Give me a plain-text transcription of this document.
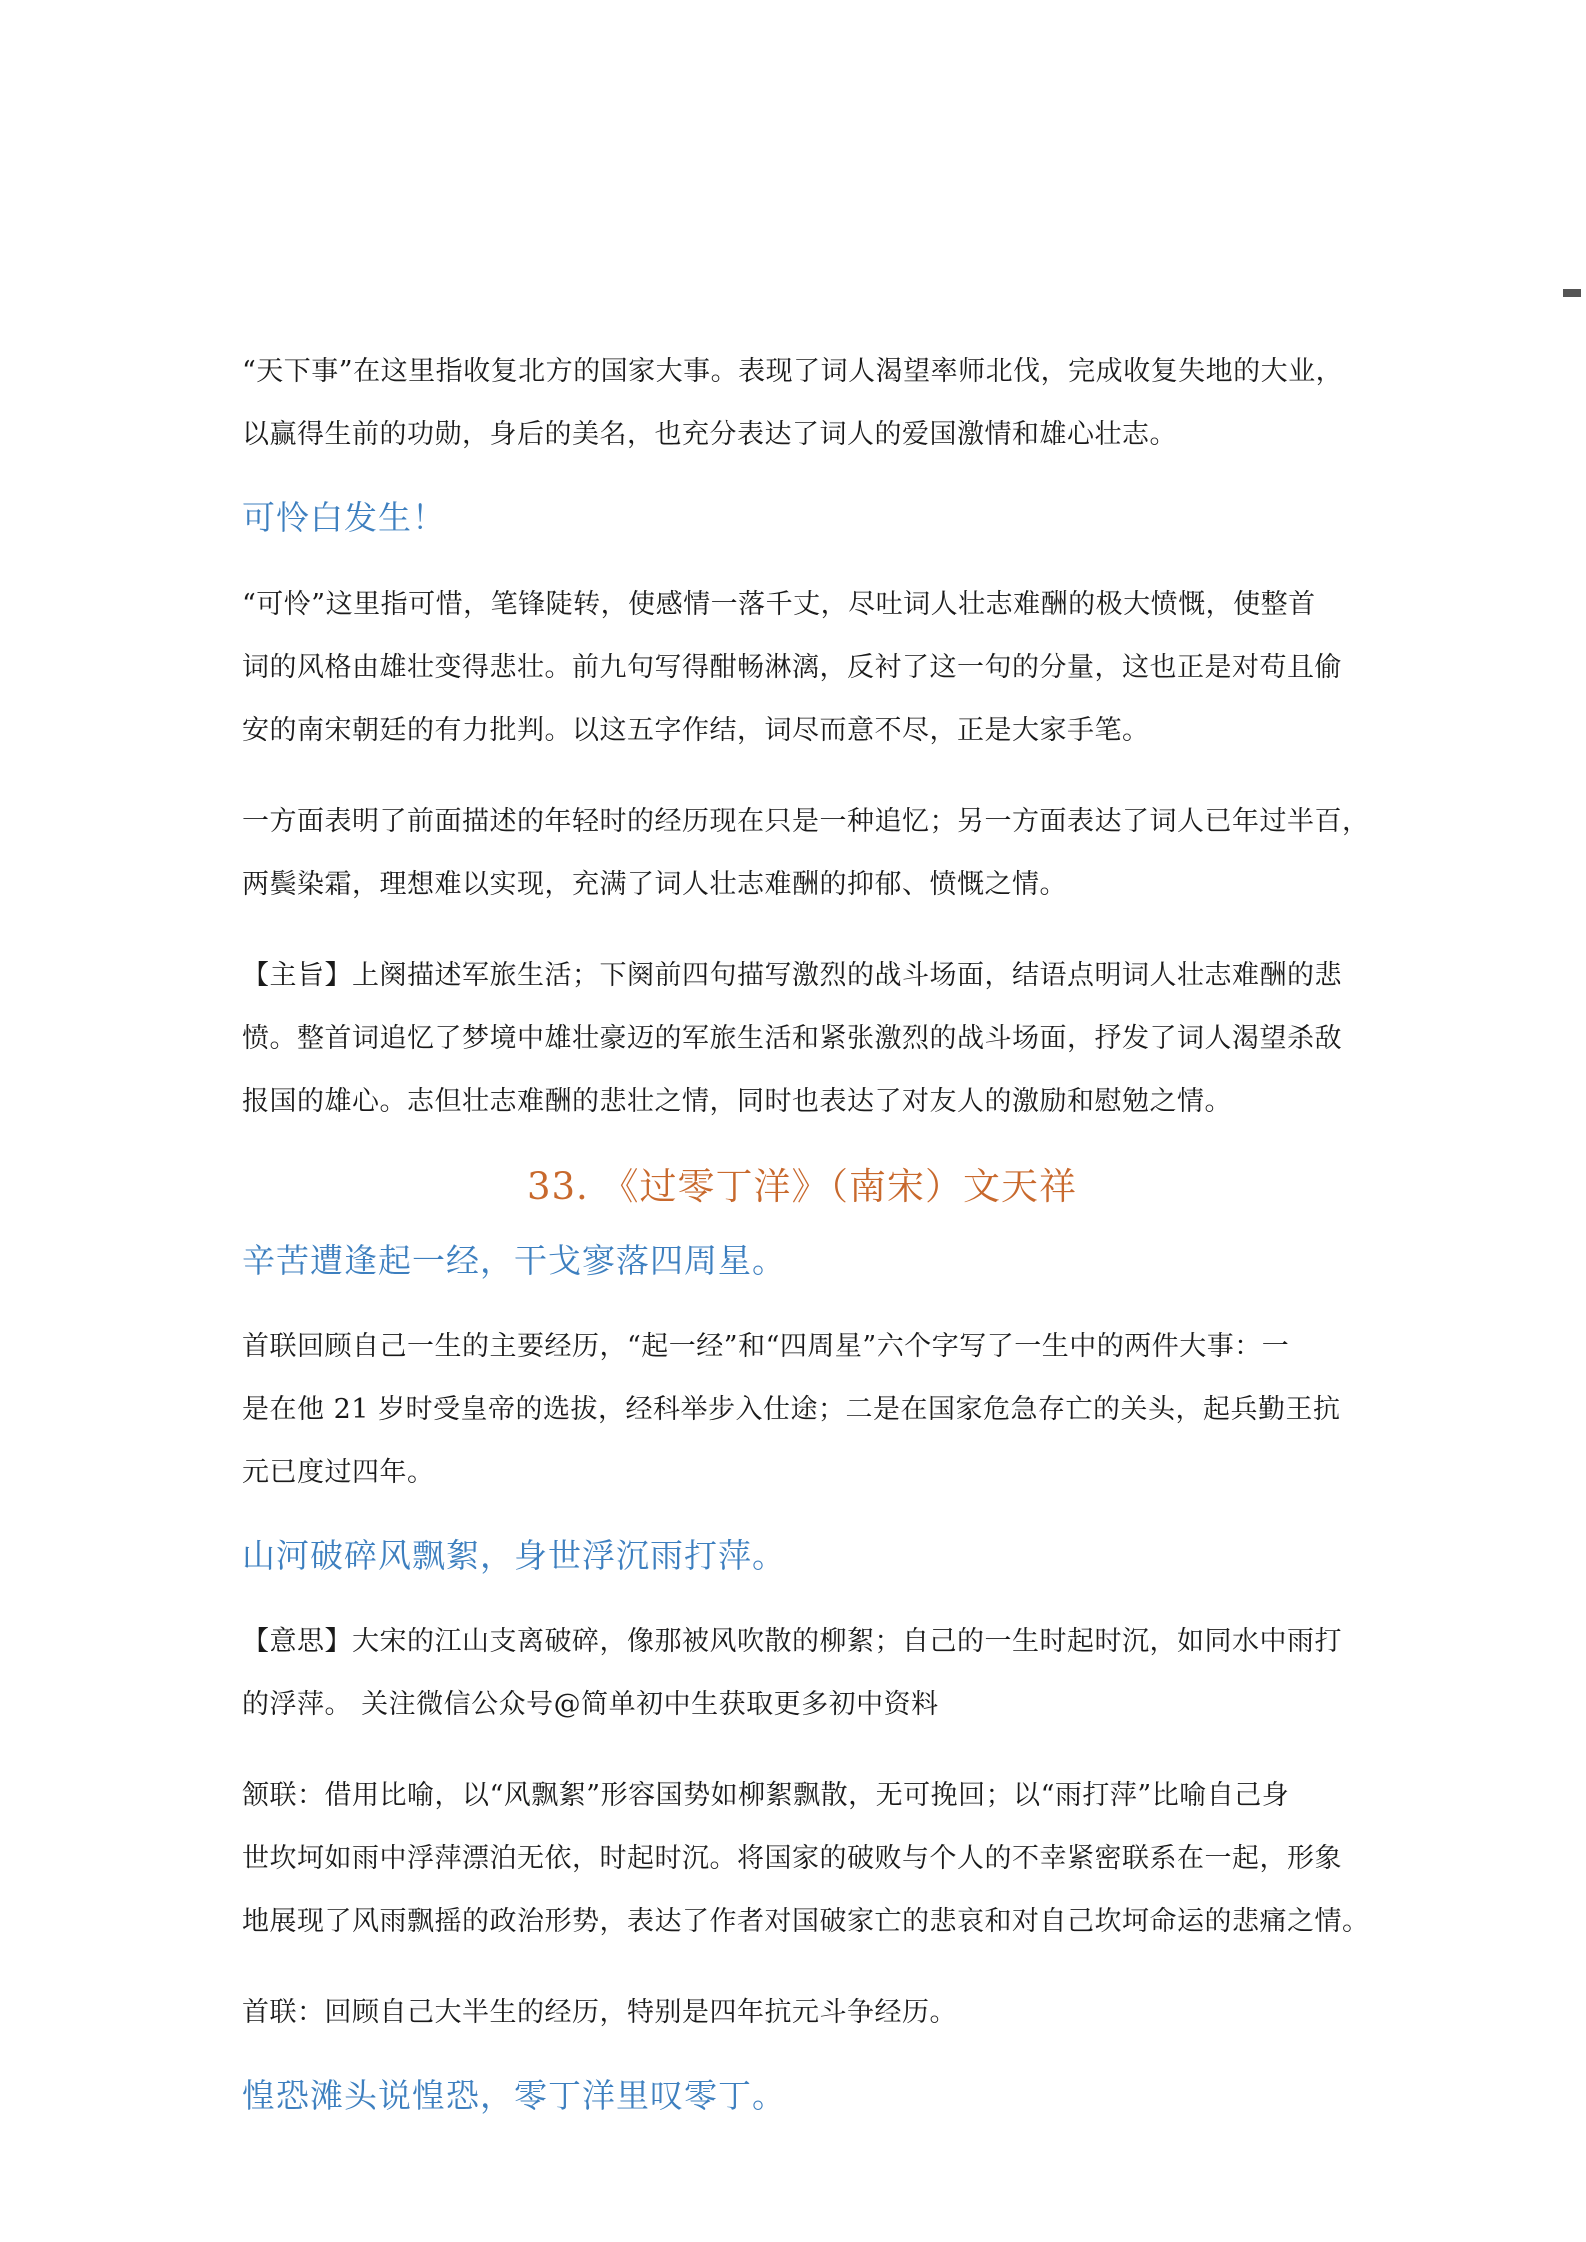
“天下事”在这里指收复北方的国家大事。表现了词人渴望率师北伐，完成收复失地的大业，
以赢得生前的功勋，身后的美名，也充分表达了词人的爱国激情和雄心壮志。

可怜白发生！

“可怜”这里指可惜，笔锋陡转，使感情一落千丈，尽吐词人壮志难酬的极大愤慨，使整首
词的风格由雄壮变得悲壮。前九句写得酣畅淋漓，反衬了这一句的分量，这也正是对苟且偷
安的南宋朝廷的有力批判。以这五字作结，词尽而意不尽，正是大家手笔。

一方面表明了前面描述的年轻时的经历现在只是一种追忆；另一方面表达了词人已年过半百，
两鬓染霜，理想难以实现，充满了词人壮志难酬的抑郁、愤慨之情。

【主旨】上阕描述军旅生活；下阕前四句描写激烈的战斗场面，结语点明词人壮志难酬的悲
愤。整首词追忆了梦境中雄壮豪迈的军旅生活和紧张激烈的战斗场面，抒发了词人渴望杀敌
报国的雄心。志但壮志难酬的悲壮之情，同时也表达了对友人的激励和慰勉之情。

33. 《过零丁洋》（南宋）文天祥
辛苦遭逢起一经，干戈寥落四周星。

首联回顾自己一生的主要经历，“起一经”和“四周星”六个字写了一生中的两件大事：一
是在他 21 岁时受皇帝的选拔，经科举步入仕途；二是在国家危急存亡的关头，起兵勤王抗
元已度过四年。

山河破碎风飘絮，身世浮沉雨打萍。

【意思】大宋的江山支离破碎，像那被风吹散的柳絮；自己的一生时起时沉，如同水中雨打
的浮萍。 关注微信公众号@简单初中生获取更多初中资料

颔联：借用比喻，以“风飘絮”形容国势如柳絮飘散，无可挽回；以“雨打萍”比喻自己身
世坎坷如雨中浮萍漂泊无依，时起时沉。将国家的破败与个人的不幸紧密联系在一起，形象
地展现了风雨飘摇的政治形势，表达了作者对国破家亡的悲哀和对自己坎坷命运的悲痛之情。

首联：回顾自己大半生的经历，特别是四年抗元斗争经历。

惶恐滩头说惶恐，零丁洋里叹零丁。
